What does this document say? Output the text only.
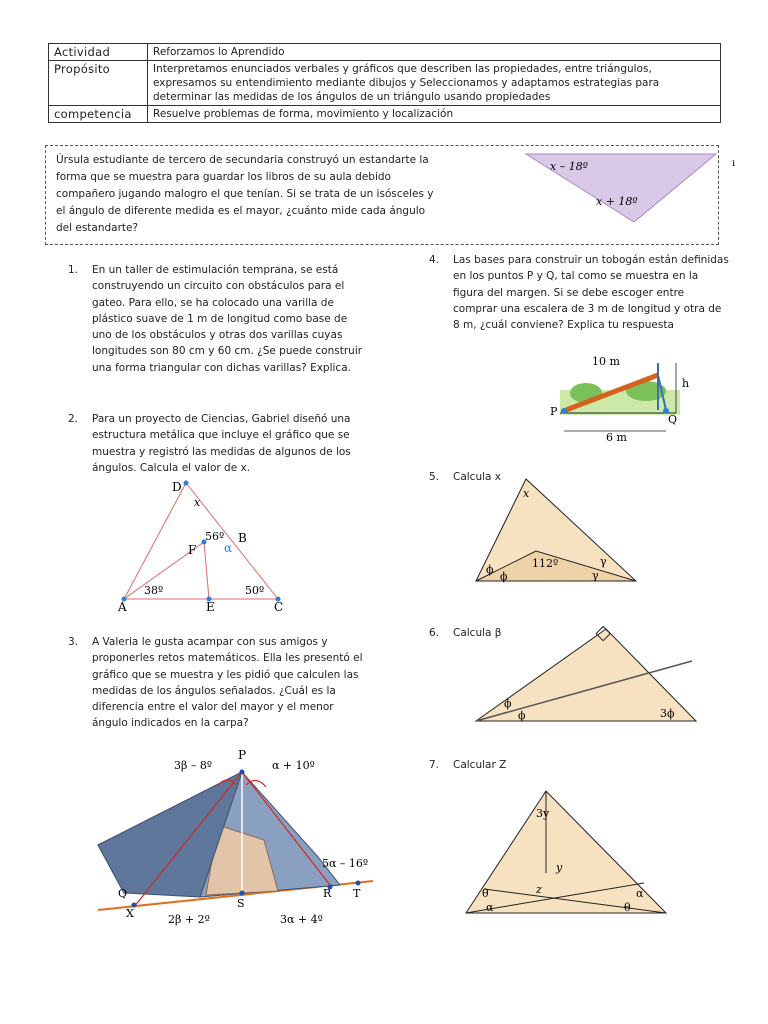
Actividad	Reforzamos lo Aprendido
Propósito	Interpretamos enunciados verbales y gráficos que describen las propiedades, entre triángulos, expresamos su entendimiento mediante dibujos y Seleccionamos y adaptamos estrategias para determinar las medidas de los ángulos de un triángulo usando propiedades
competencia	Resuelve problemas de forma, movimiento y localización
Úrsula estudiante de tercero de secundaria construyó un estandarte la forma que se muestra para guardar los libros de su aula debido compañero jugando malogro el que tenían. Si se trata de un isósceles y el ángulo de diferente medida es el mayor, ¿cuánto mide cada ángulo del estandarte?
x – 18º
x + 18º
ı
1. En un taller de estimulación temprana, se está construyendo un circuito con obstáculos para el gateo. Para ello, se ha colocado una varilla de plástico suave de 1 m de longitud como base de uno de los obstáculos y otras dos varillas cuyas longitudes son 80 cm y 60 cm. ¿Se puede construir una forma triangular con dichas varillas? Explica.
2. Para un proyecto de Ciencias, Gabriel diseñó una estructura metálica que incluye el gráfico que se muestra y registró las medidas de algunos de los ángulos. Calcula el valor de x.
D
x
56º B
α
F
38º	50º
A	E	C
3. A Valeria le gusta acampar con sus amigos y proponerles retos matemáticos. Ella les presentó el gráfico que se muestra y les pidió que calculen las medidas de los ángulos señalados. ¿Cuál es la diferencia entre el valor del mayor y el menor ángulo indicados en la carpa?
3β – 8º
P
α + 10º
5α – 16º
Q
X
R T
S
2β + 2º	3α + 4º
4. Las bases para construir un tobogán están definidas en los puntos P y Q, tal como se muestra en la figura del margen. Si se debe escoger entre comprar una escalera de 3 m de longitud y otra de 8 m, ¿cuál conviene? Explica tu respuesta
10 m
h
P
Q
6 m
5. Calcula x
x
112º
ϕ
ϕ
γ
γ
6. Calcula β
ϕ
ϕ	3ϕ
7. Calcular Z
3y
y
z
θ
α
α
θ
